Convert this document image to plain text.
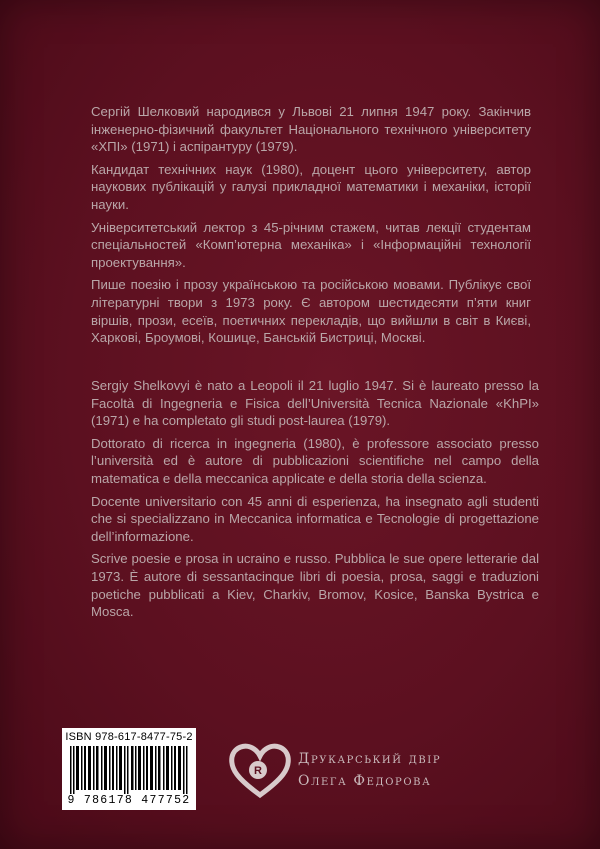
Сергій Шелковий народився у Львові 21 липня 1947 року. Закінчив інженерно-фізичний факультет Національного технічного університету «ХПІ» (1971) і аспірантуру (1979).

Кандидат технічних наук (1980), доцент цього університету, автор наукових публікацій у галузі прикладної математики і механіки, історії науки.

Університетський лектор з 45-річним стажем, читав лекції студентам спеціальностей «Комп’ютерна механіка» і «Інформаційні технології проектування».

Пише поезію і прозу українською та російською мовами. Публікує свої літературні твори з 1973 року. Є автором шестидесяти п’яти книг віршів, прози, есеїв, поетичних перекладів, що вийшли в світ в Києві, Харкові, Броумові, Кошице, Банській Бистриці, Москві.

Sergiy Shelkovyi è nato a Leopoli il 21 luglio 1947. Si è laureato presso la Facoltà di Ingegneria e Fisica dell’Università Tecnica Nazionale «KhPI» (1971) e ha completato gli studi post-laurea (1979).

Dottorato di ricerca in ingegneria (1980), è professore associato presso l’università ed è autore di pubblicazioni scientifiche nel campo della matematica e della meccanica applicate e della storia della scienza.

Docente universitario con 45 anni di esperienza, ha insegnato agli studenti che si specializzano in Meccanica informatica e Tecnologie di progettazione dell’informazione.

Scrive poesie e prosa in ucraino e russo. Pubblica le sue opere letterarie dal 1973. È autore di sessantacinque libri di poesia, prosa, saggi e traduzioni poetiche pubblicati a Kiev, Charkiv, Bromov, Kosice, Banska Bystrica e Mosca.

ISBN 978-617-8477-75-2
9 786178 477752
R
Друкарський двір
Олега Федорова
